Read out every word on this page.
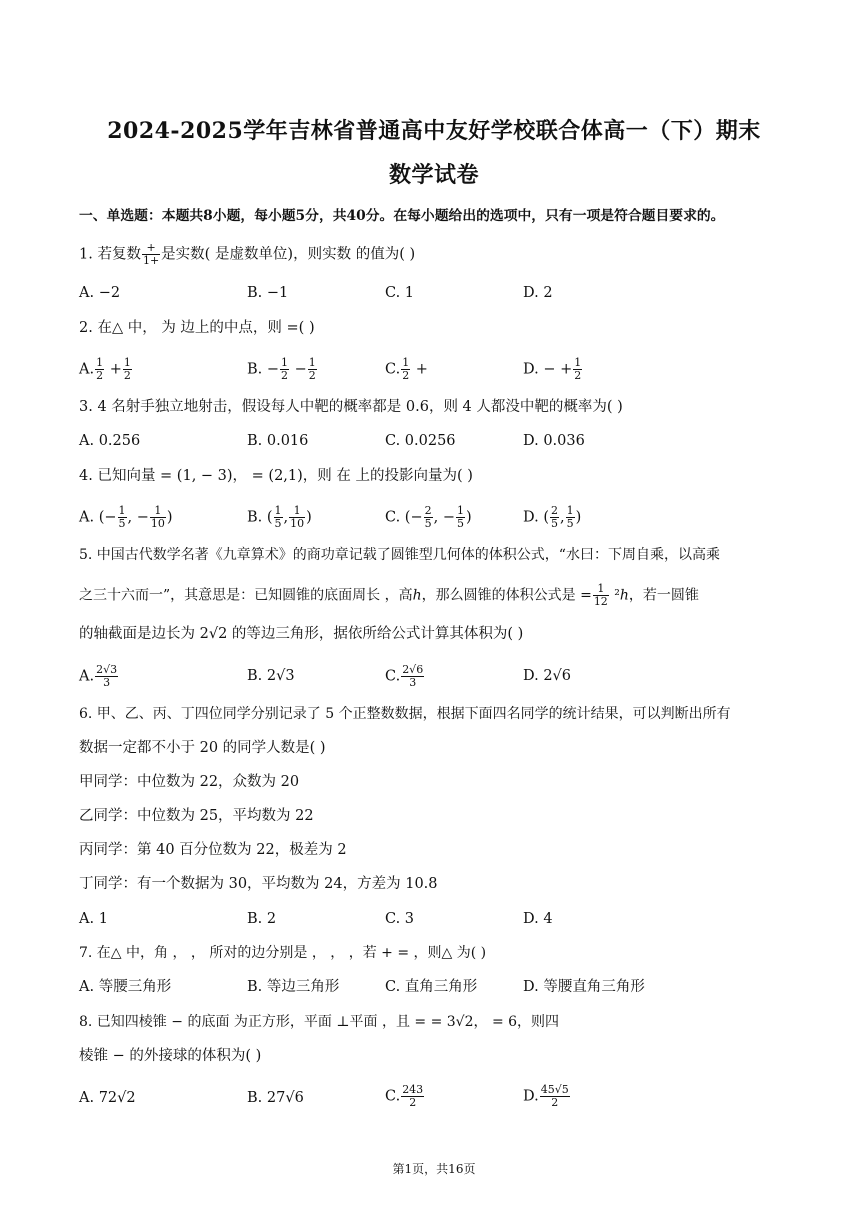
2024-2025学年吉林省普通高中友好学校联合体高一（下）期末
数学试卷
一、单选题：本题共8小题，每小题5分，共40分。在每小题给出的选项中，只有一项是符合题目要求的。
1. 若复数 $\frac{+}{1+}$ 是实数( 是虚数单位)，则实数 的值为( )
A. −2	B. −1	C. 1	D. 2
2. 在△ 中， 为 边上的中点，则 =( )
A. $\frac{1}{2} + \frac{1}{2}$	B. − $\frac{1}{2} - \frac{1}{2}$	C. $\frac{1}{2}$ +	D. − + $\frac{1}{2}$
3. 4 名射手独立地射击，假设每人中靶的概率都是 0.6，则 4 人都没中靶的概率为( )
A. 0.256	B. 0.016	C. 0.0256	D. 0.036
4. 已知向量 = (1, − 3)， = (2,1)，则 在 上的投影向量为( )
A. (− $\frac{1}{5}$ , − $\frac{1}{10}$ )	B. ( $\frac{1}{5}$ , $\frac{1}{10}$ )	C. (− $\frac{2}{5}$ , − $\frac{1}{5}$ )	D. ( $\frac{2}{5}$ , $\frac{1}{5}$ )
5. 中国古代数学名著《九章算术》的商功章记载了圆锥型几何体的体积公式，“水曰：下周自乘，以高乘
之三十六而一”，其意思是：已知圆锥的底面周长 ，高ℎ，那么圆锥的体积公式是 = $\frac{1}{12}$ ²ℎ，若一圆锥
的轴截面是边长为 2√2 的等边三角形，据依所给公式计算其体积为( )
A. $\frac{2√3}{3}$	B. 2√3	C. $\frac{2√6}{3}$	D. 2√6
6. 甲、乙、丙、丁四位同学分别记录了 5 个正整数数据，根据下面四名同学的统计结果，可以判断出所有
数据一定都不小于 20 的同学人数是( )
甲同学：中位数为 22，众数为 20
乙同学：中位数为 25，平均数为 22
丙同学：第 40 百分位数为 22，极差为 2
丁同学：有一个数据为 30，平均数为 24，方差为 10.8
A. 1	B. 2	C. 3	D. 4
7. 在△ 中，角 ， ， 所对的边分别是 ， ， ，若 + = ，则△ 为( )
A. 等腰三角形	B. 等边三角形	C. 直角三角形	D. 等腰直角三角形
8. 已知四棱锥 − 的底面 为正方形，平面 ⊥平面 ，且 = = 3√2， = 6，则四
棱锥 − 的外接球的体积为( )
A. 72√2	B. 27√6	C. $\frac{243}{2}$	D. $\frac{45√5}{2}$
第1页，共16页
